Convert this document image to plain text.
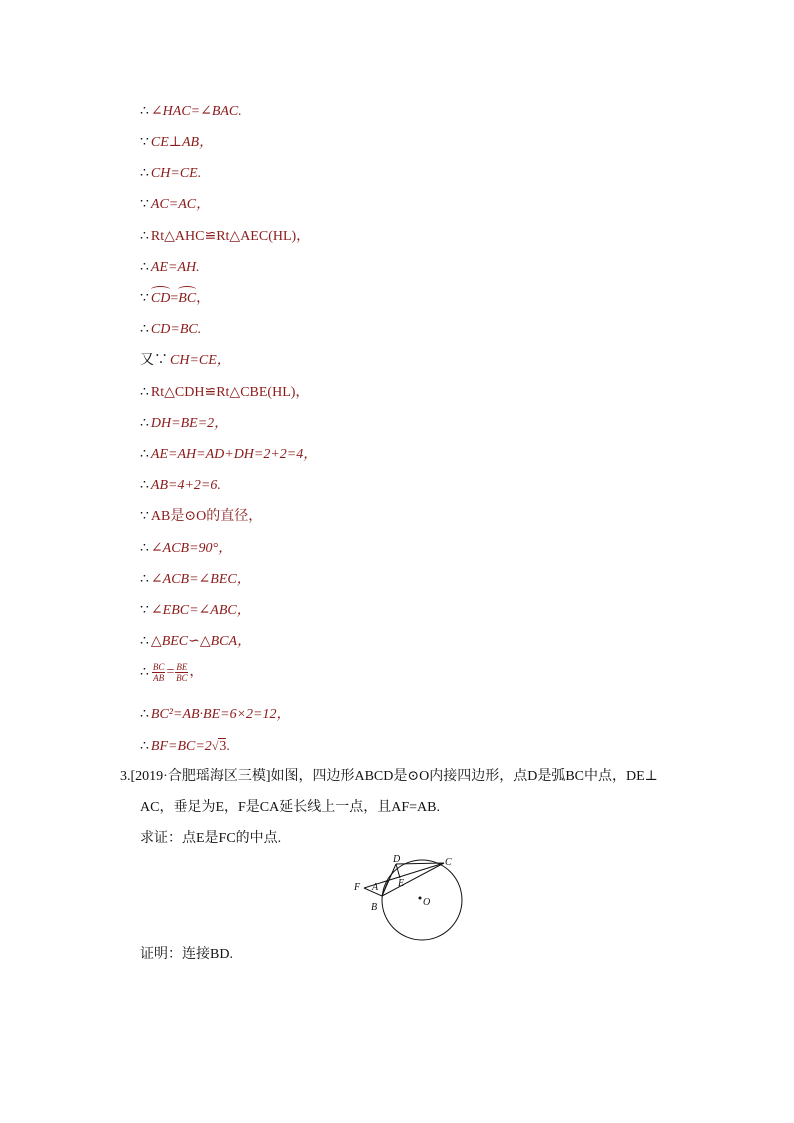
∴ ∠HAC=∠BAC.
∵ CE⊥AB，
∴ CH=CE.
∵ AC=AC，
∴ Rt△AHC≌Rt△AEC(HL)，
∴ AE=AH.
∵ CD=BC，
∴ CD=BC.
又∵ CH=CE，
∴ Rt△CDH≌Rt△CBE(HL)，
∴ DH=BE=2，
∴ AE=AH=AD+DH=2+2=4，
∴ AB=4+2=6.
∵ AB是⊙O的直径，
∴ ∠ACB=90°，
∴ ∠ACB=∠BEC，
∵ ∠EBC=∠ABC，
∴ △BEC∽△BCA，
∴ $\frac{BC}{AB} = \frac{BE}{BC}$ ，
∴ BC²=AB·BE=6×2=12，
∴ BF=BC=2√3.
3.[2019·合肥瑶海区三模]如图，四边形ABCD是⊙O内接四边形，点D是弧BC中点，DE⊥
AC，垂足为E，F是CA延长线上一点，且AF=AB.
求证：点E是FC的中点.
D	C
F A E
B	O
证明：连接BD.
